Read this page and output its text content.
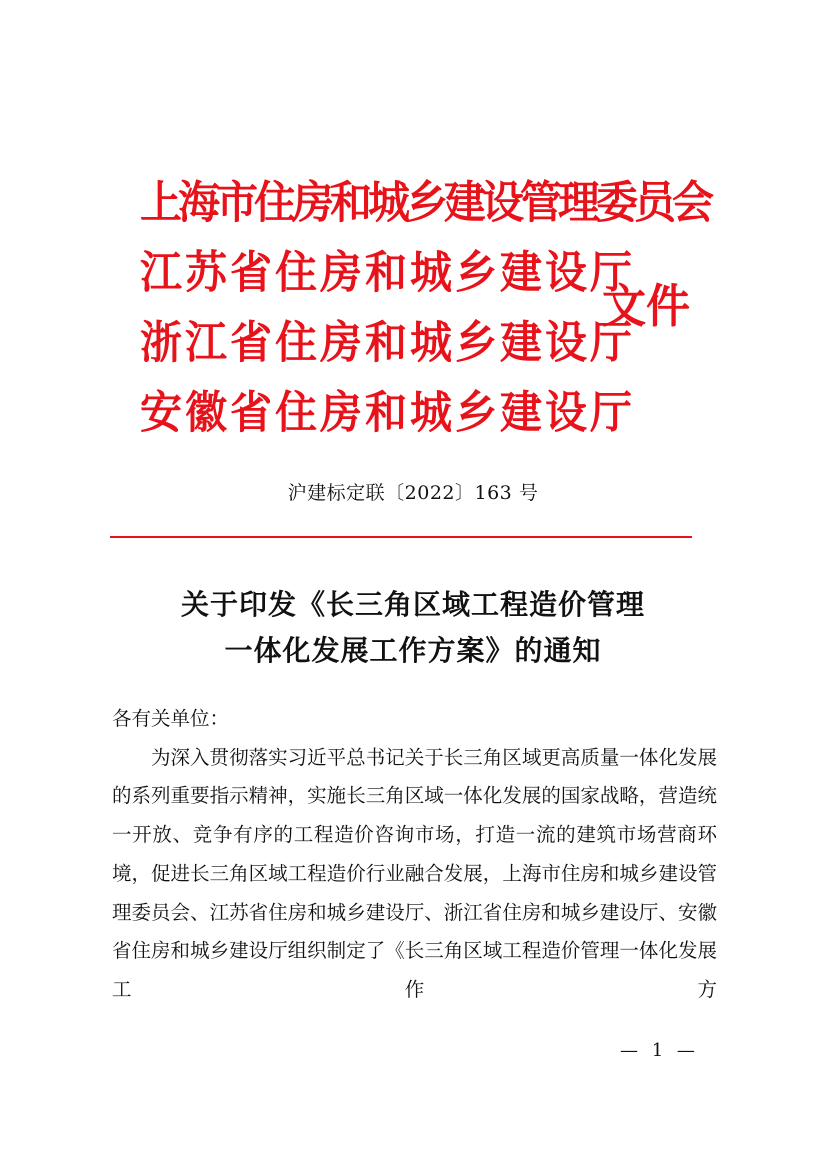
上海市住房和城乡建设管理委员会
江苏省住房和城乡建设厅
浙江省住房和城乡建设厅
安徽省住房和城乡建设厅
文件
沪建标定联〔2022〕163 号
关于印发《长三角区域工程造价管理
一体化发展工作方案》的通知

各有关单位：

为深入贯彻落实习近平总书记关于长三角区域更高质量一体化发展的系列重要指示精神，实施长三角区域一体化发展的国家战略，营造统一开放、竞争有序的工程造价咨询市场，打造一流的建筑市场营商环境，促进长三角区域工程造价行业融合发展，上海市住房和城乡建设管理委员会、江苏省住房和城乡建设厅、浙江省住房和城乡建设厅、安徽省住房和城乡建设厅组织制定了《长三角区域工程造价管理一体化发展工作方

— 1 —
